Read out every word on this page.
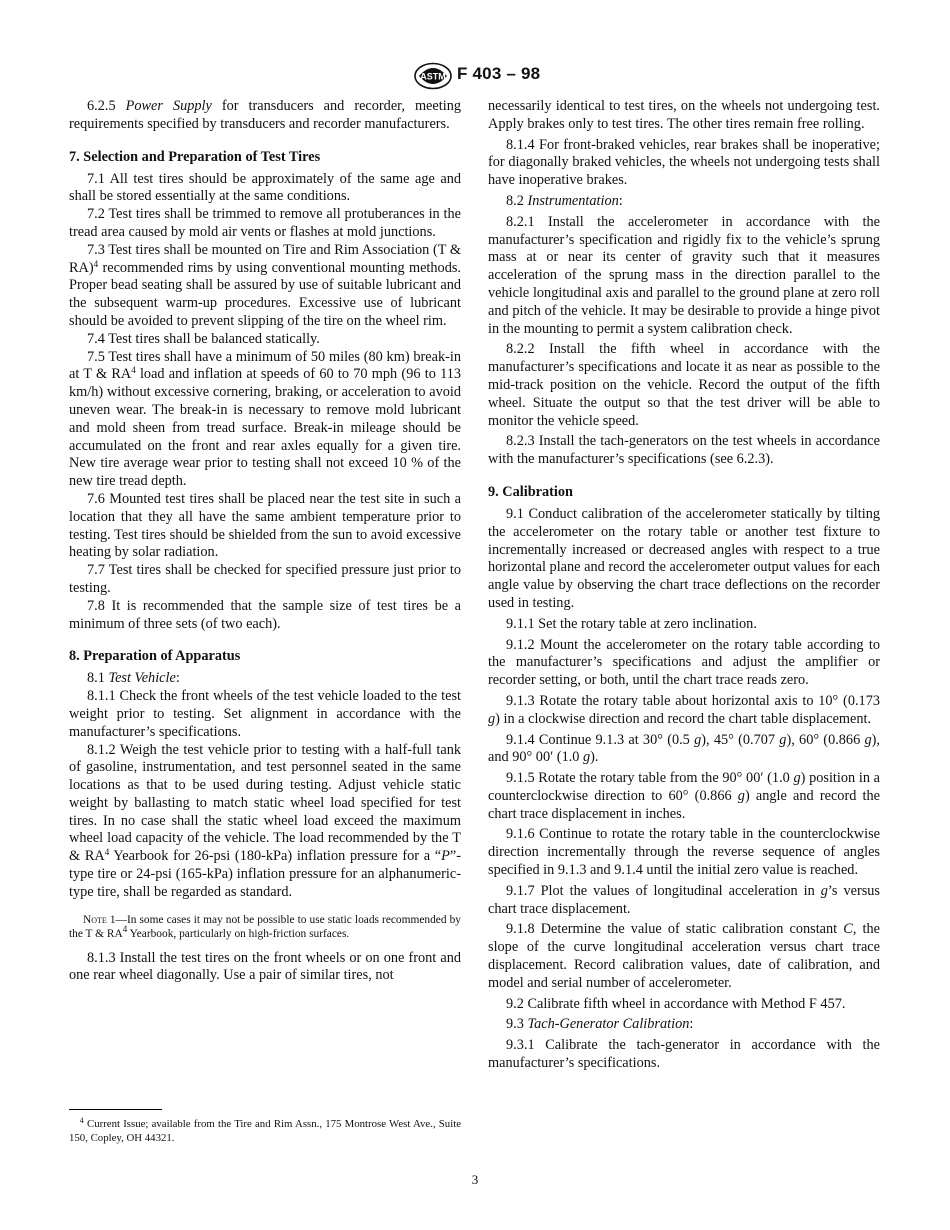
ASTM F 403 – 98

6.2.5 Power Supply for transducers and recorder, meeting requirements specified by transducers and recorder manufacturers.

7. Selection and Preparation of Test Tires

7.1 All test tires should be approximately of the same age and shall be stored essentially at the same conditions.

7.2 Test tires shall be trimmed to remove all protuberances in the tread area caused by mold air vents or flashes at mold junctions.

7.3 Test tires shall be mounted on Tire and Rim Association (T & RA)$^4$ recommended rims by using conventional mounting methods. Proper bead seating shall be assured by use of suitable lubricant and the subsequent warm-up procedures. Excessive use of lubricant should be avoided to prevent slipping of the tire on the wheel rim.

7.4 Test tires shall be balanced statically.

7.5 Test tires shall have a minimum of 50 miles (80 km) break-in at T & $RA^4$ load and inflation at speeds of 60 to 70 mph (96 to 113 km/h) without excessive cornering, braking, or acceleration to avoid uneven wear. The break-in is necessary to remove mold lubricant and mold sheen from tread surface. Break-in mileage should be accumulated on the front and rear axles equally for a given tire. New tire average wear prior to testing shall not exceed 10 % of the new tire tread depth.

7.6 Mounted test tires shall be placed near the test site in such a location that they all have the same ambient temperature prior to testing. Test tires should be shielded from the sun to avoid excessive heating by solar radiation.

7.7 Test tires shall be checked for specified pressure just prior to testing.

7.8 It is recommended that the sample size of test tires be a minimum of three sets (of two each).

8. Preparation of Apparatus

8.1 Test Vehicle:

8.1.1 Check the front wheels of the test vehicle loaded to the test weight prior to testing. Set alignment in accordance with the manufacturer’s specifications.

8.1.2 Weigh the test vehicle prior to testing with a half-full tank of gasoline, instrumentation, and test personnel seated in the same locations as that to be used during testing. Adjust vehicle static weight by ballasting to match static wheel load specified for test tires. In no case shall the static wheel load exceed the maximum wheel load capacity of the vehicle. The load recommended by the T & $RA^4$ Yearbook for 26-psi (180-kPa) inflation pressure for a “P”-type tire or 24-psi (165-kPa) inflation pressure for an alphanumeric-type tire, shall be regarded as standard.

Note 1—In some cases it may not be possible to use static loads recommended by the T & $RA^4$ Yearbook, particularly on high-friction surfaces.

8.1.3 Install the test tires on the front wheels or on one front and one rear wheel diagonally. Use a pair of similar tires, not

necessarily identical to test tires, on the wheels not undergoing test. Apply brakes only to test tires. The other tires remain free rolling.

8.1.4 For front-braked vehicles, rear brakes shall be inoperative; for diagonally braked vehicles, the wheels not undergoing tests shall have inoperative brakes.

8.2 Instrumentation:

8.2.1 Install the accelerometer in accordance with the manufacturer’s specification and rigidly fix to the vehicle’s sprung mass at or near its center of gravity such that it measures acceleration of the sprung mass in the direction parallel to the vehicle longitudinal axis and parallel to the ground plane at zero roll and pitch of the vehicle. It may be desirable to provide a hinge pivot in the mounting to permit a system calibration check.

8.2.2 Install the fifth wheel in accordance with the manufacturer’s specifications and locate it as near as possible to the mid-track position on the vehicle. Record the output of the fifth wheel. Situate the output so that the test driver will be able to monitor the vehicle speed.

8.2.3 Install the tach-generators on the test wheels in accordance with the manufacturer’s specifications (see 6.2.3).

9. Calibration

9.1 Conduct calibration of the accelerometer statically by tilting the accelerometer on the rotary table or another test fixture to incrementally increased or decreased angles with respect to a true horizontal plane and record the accelerometer output values for each angle value by observing the chart trace deflections on the recorder used in testing.

9.1.1 Set the rotary table at zero inclination.

9.1.2 Mount the accelerometer on the rotary table according to the manufacturer’s specifications and adjust the amplifier or recorder setting, or both, until the chart trace reads zero.

9.1.3 Rotate the rotary table about horizontal axis to 10° (0.173 g) in a clockwise direction and record the chart table displacement.

9.1.4 Continue 9.1.3 at 30° (0.5 g), 45° (0.707 g), 60° (0.866 g), and 90° 00′ (1.0 g).

9.1.5 Rotate the rotary table from the 90° 00′ (1.0 g) position in a counterclockwise direction to 60° (0.866 g) angle and record the chart trace displacement in inches.

9.1.6 Continue to rotate the rotary table in the counterclockwise direction incrementally through the reverse sequence of angles specified in 9.1.3 and 9.1.4 until the initial zero value is reached.

9.1.7 Plot the values of longitudinal acceleration in g’s versus chart trace displacement.

9.1.8 Determine the value of static calibration constant C, the slope of the curve longitudinal acceleration versus chart trace displacement. Record calibration values, date of calibration, and model and serial number of accelerometer.

9.2 Calibrate fifth wheel in accordance with Method F 457.

9.3 Tach-Generator Calibration:

9.3.1 Calibrate the tach-generator in accordance with the manufacturer’s specifications.

 $^4$ Current Issue; available from the Tire and Rim Assn., 175 Montrose West Ave., Suite 150, Copley, OH 44321.
3
